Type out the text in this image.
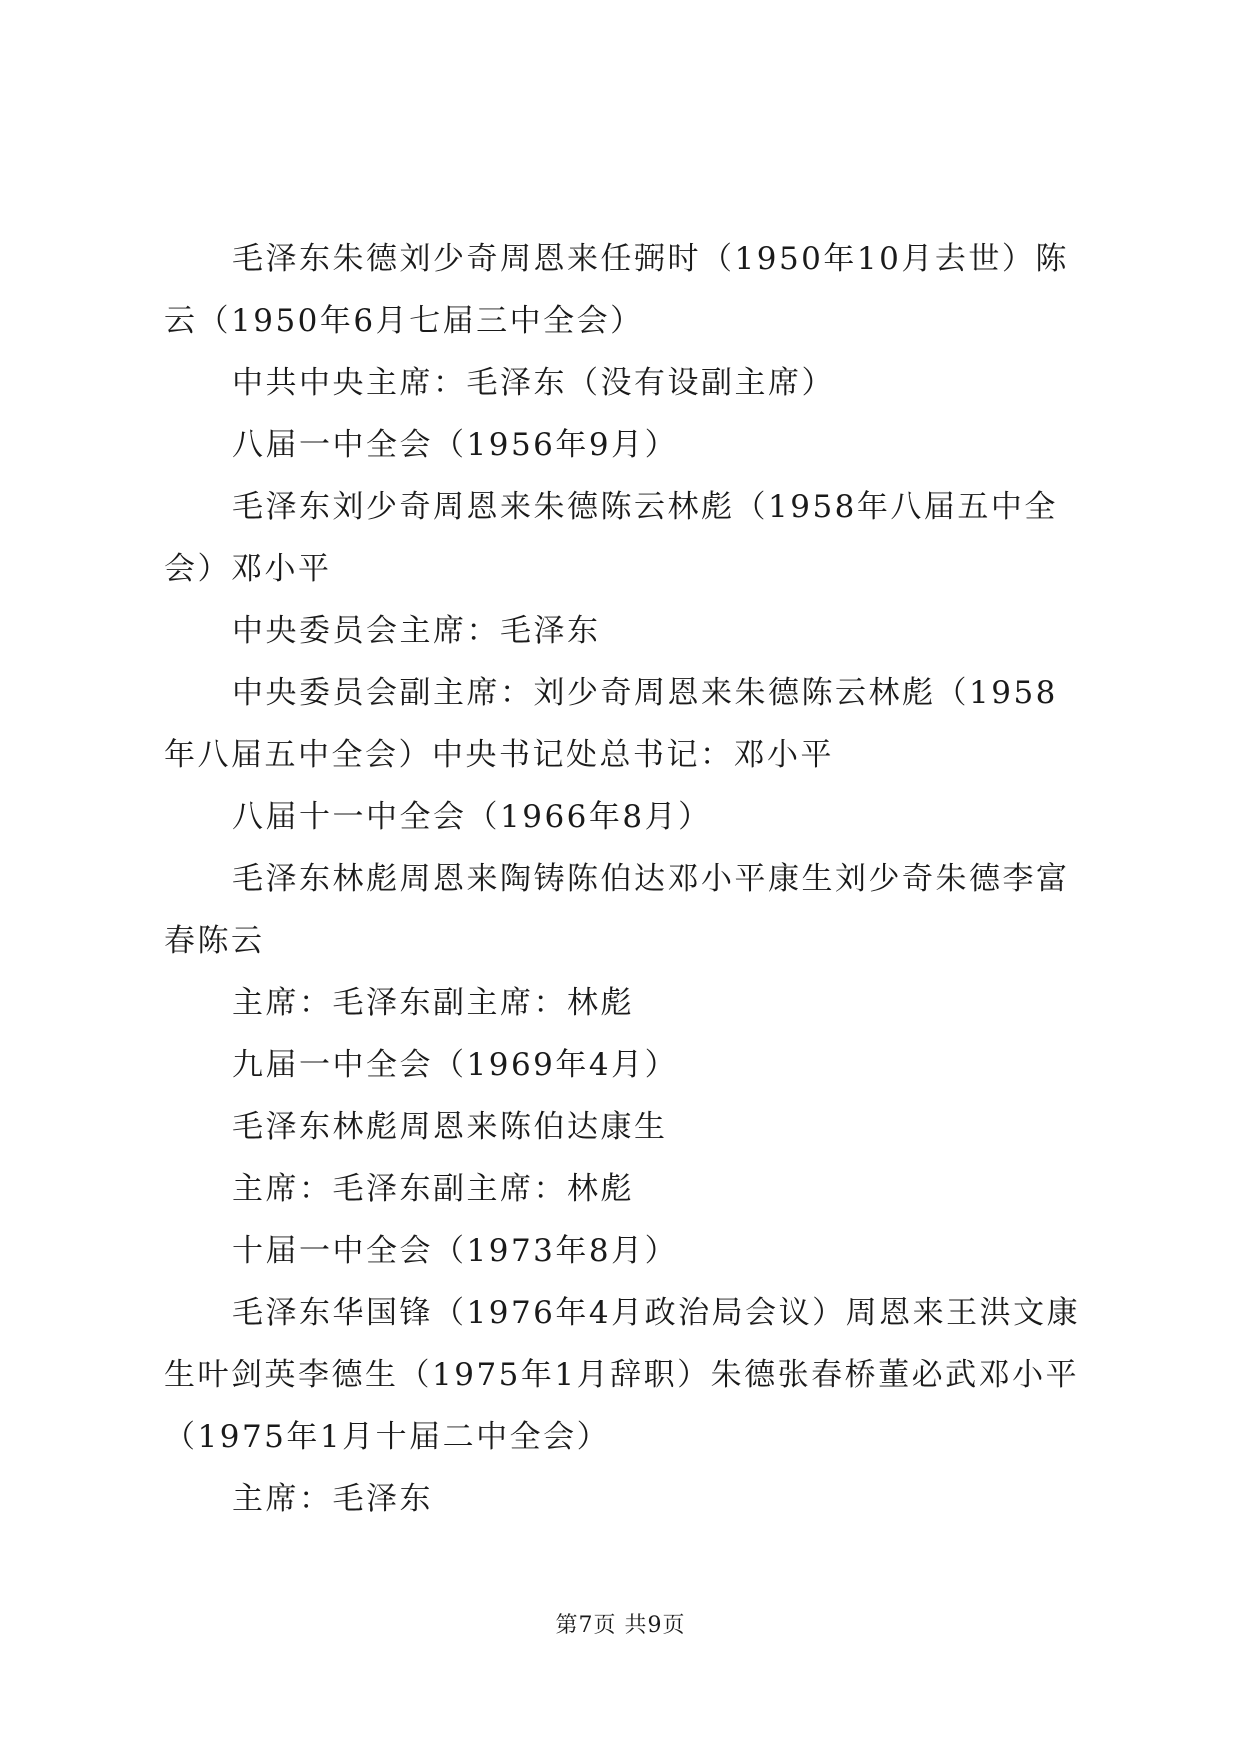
毛泽东朱德刘少奇周恩来任弼时（1950年10月去世）陈云（1950年6月七届三中全会）

中共中央主席：毛泽东（没有设副主席）

八届一中全会（1956年9月）

毛泽东刘少奇周恩来朱德陈云林彪（1958年八届五中全会）邓小平

中央委员会主席：毛泽东

中央委员会副主席：刘少奇周恩来朱德陈云林彪（1958年八届五中全会）中央书记处总书记：邓小平

八届十一中全会（1966年8月）

毛泽东林彪周恩来陶铸陈伯达邓小平康生刘少奇朱德李富春陈云

主席：毛泽东副主席：林彪

九届一中全会（1969年4月）

毛泽东林彪周恩来陈伯达康生

主席：毛泽东副主席：林彪

十届一中全会（1973年8月）

毛泽东华国锋（1976年4月政治局会议）周恩来王洪文康生叶剑英李德生（1975年1月辞职）朱德张春桥董必武邓小平（1975年1月十届二中全会）

主席：毛泽东

第7页 共9页
